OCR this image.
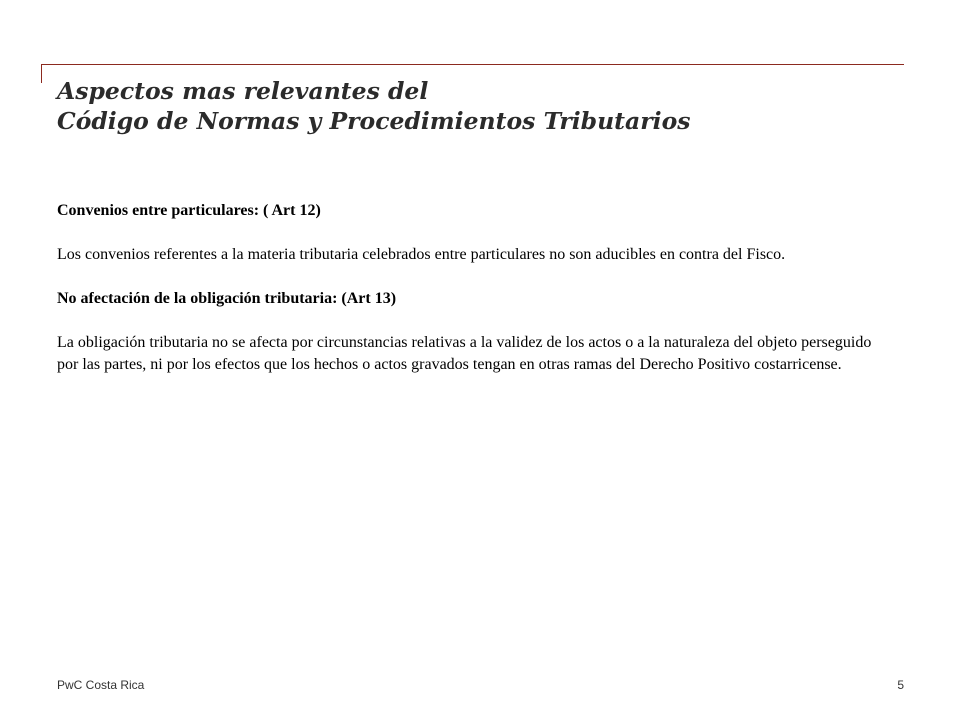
Aspectos mas relevantes del
Código de Normas y Procedimientos Tributarios

Convenios entre particulares: ( Art 12)

Los convenios referentes a la materia tributaria celebrados entre particulares no son aducibles en contra del Fisco.

No afectación de la obligación tributaria: (Art 13)

La obligación tributaria no se afecta por circunstancias relativas a la validez de los actos o a la naturaleza del objeto perseguido por las partes, ni por los efectos que los hechos o actos gravados tengan en otras ramas del Derecho Positivo costarricense.

PwC Costa Rica	5
